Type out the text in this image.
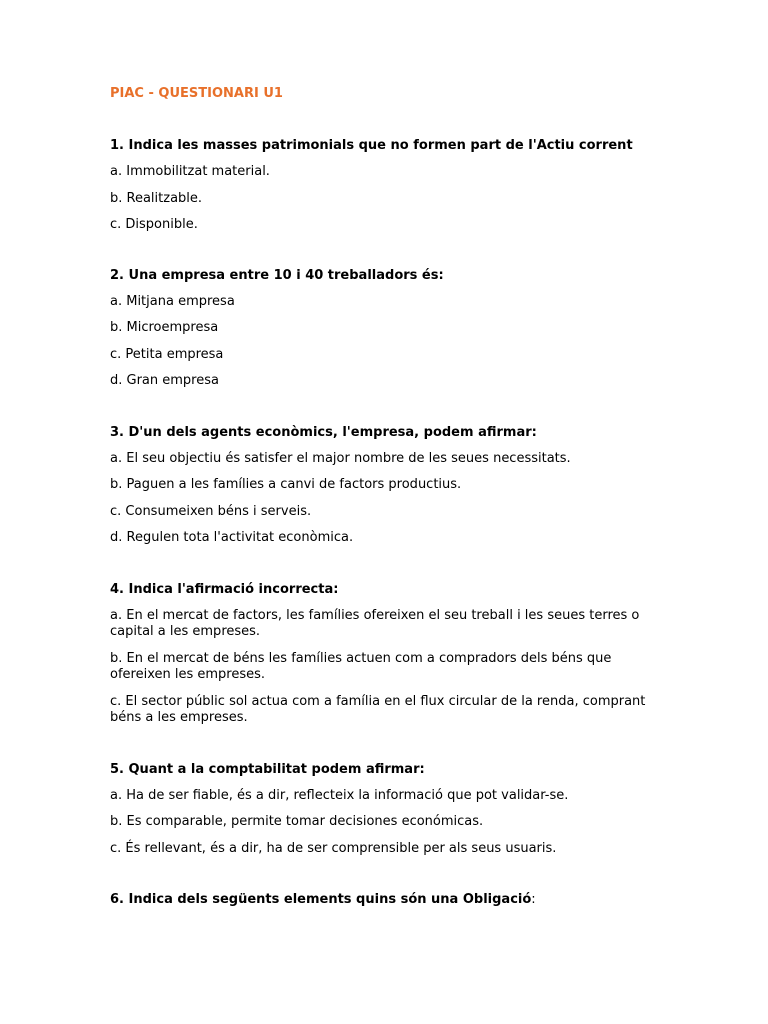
PIAC - QUESTIONARI U1

1. Indica les masses patrimonials que no formen part de l'Actiu corrent

a. Immobilitzat material.

b. Realitzable.

c. Disponible.

2. Una empresa entre 10 i 40 treballadors és:

a. Mitjana empresa

b. Microempresa

c. Petita empresa

d. Gran empresa

3. D'un dels agents econòmics, l'empresa, podem afirmar:

a. El seu objectiu és satisfer el major nombre de les seues necessitats.

b. Paguen a les famílies a canvi de factors productius.

c. Consumeixen béns i serveis.

d. Regulen tota l'activitat econòmica.

4. Indica l'afirmació incorrecta:

a. En el mercat de factors, les famílies ofereixen el seu treball i les seues terres o capital a les empreses.

b. En el mercat de béns les famílies actuen com a compradors dels béns que ofereixen les empreses.

c. El sector públic sol actua com a família en el flux circular de la renda, comprant béns a les empreses.

5. Quant a la comptabilitat podem afirmar:

a. Ha de ser fiable, és a dir, reflecteix la informació que pot validar-se.

b. Es comparable, permite tomar decisiones económicas.

c. És rellevant, és a dir, ha de ser comprensible per als seus usuaris.

6. Indica dels següents elements quins són una Obligació:
